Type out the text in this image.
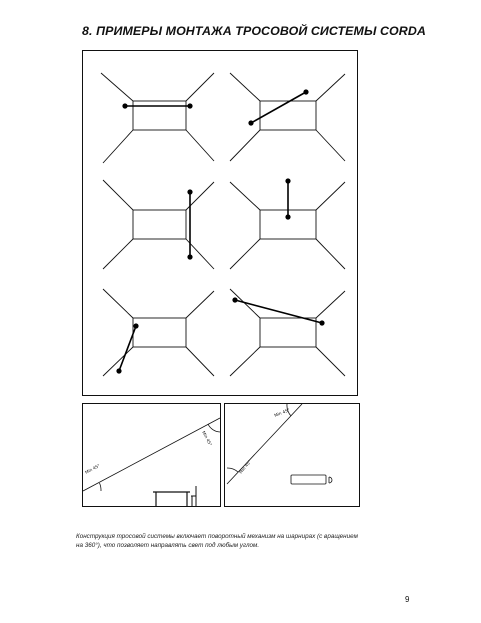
8. ПРИМЕРЫ МОНТАЖА ТРОСОВОЙ СИСТЕМЫ CORDA
Min 45°
Min 45°
Min 45°
Min 45°
Конструкция тросовой системы включает поворотный механизм на шарнирах (с вращением
на 360°), что позволяет направлять свет под любым углом.
9
